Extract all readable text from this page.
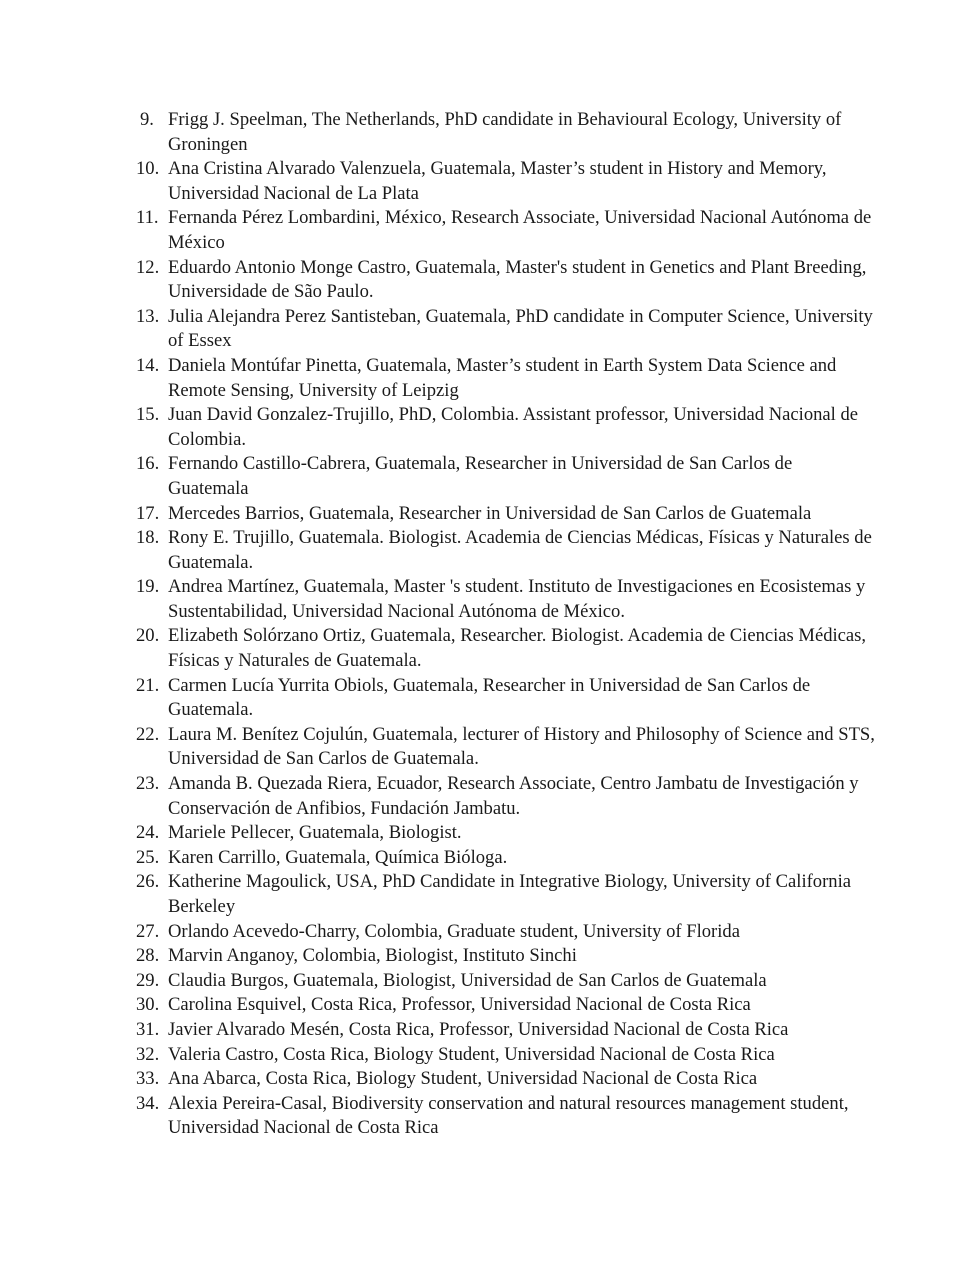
9. Frigg J. Speelman, The Netherlands, PhD candidate in Behavioural Ecology, University of Groningen
10. Ana Cristina Alvarado Valenzuela, Guatemala, Master’s student in History and Memory, Universidad Nacional de La Plata
11. Fernanda Pérez Lombardini, México, Research Associate, Universidad Nacional Autónoma de México
12. Eduardo Antonio Monge Castro, Guatemala, Master's student in Genetics and Plant Breeding, Universidade de São Paulo.
13. Julia Alejandra Perez Santisteban, Guatemala, PhD candidate in Computer Science, University of Essex
14. Daniela Montúfar Pinetta, Guatemala, Master’s student in Earth System Data Science and Remote Sensing, University of Leipzig
15. Juan David Gonzalez-Trujillo, PhD, Colombia. Assistant professor, Universidad Nacional de Colombia.
16. Fernando Castillo-Cabrera, Guatemala, Researcher in Universidad de San Carlos de Guatemala
17. Mercedes Barrios, Guatemala, Researcher in Universidad de San Carlos de Guatemala
18. Rony E. Trujillo, Guatemala. Biologist. Academia de Ciencias Médicas, Físicas y Naturales de Guatemala.
19. Andrea Martínez, Guatemala, Master 's student. Instituto de Investigaciones en Ecosistemas y Sustentabilidad, Universidad Nacional Autónoma de México.
20. Elizabeth Solórzano Ortiz, Guatemala, Researcher. Biologist. Academia de Ciencias Médicas, Físicas y Naturales de Guatemala.
21. Carmen Lucía Yurrita Obiols, Guatemala, Researcher in Universidad de San Carlos de Guatemala.
22. Laura M. Benítez Cojulún, Guatemala, lecturer of History and Philosophy of Science and STS, Universidad de San Carlos de Guatemala.
23. Amanda B. Quezada Riera, Ecuador, Research Associate, Centro Jambatu de Investigación y Conservación de Anfibios, Fundación Jambatu.
24. Mariele Pellecer, Guatemala, Biologist.
25. Karen Carrillo, Guatemala, Química Bióloga.
26. Katherine Magoulick, USA, PhD Candidate in Integrative Biology, University of California Berkeley
27. Orlando Acevedo-Charry, Colombia, Graduate student, University of Florida
28. Marvin Anganoy, Colombia, Biologist, Instituto Sinchi
29. Claudia Burgos, Guatemala, Biologist, Universidad de San Carlos de Guatemala
30. Carolina Esquivel, Costa Rica, Professor, Universidad Nacional de Costa Rica
31. Javier Alvarado Mesén, Costa Rica, Professor, Universidad Nacional de Costa Rica
32. Valeria Castro, Costa Rica, Biology Student, Universidad Nacional de Costa Rica
33. Ana Abarca, Costa Rica, Biology Student, Universidad Nacional de Costa Rica
34. Alexia Pereira-Casal, Biodiversity conservation and natural resources management student, Universidad Nacional de Costa Rica
